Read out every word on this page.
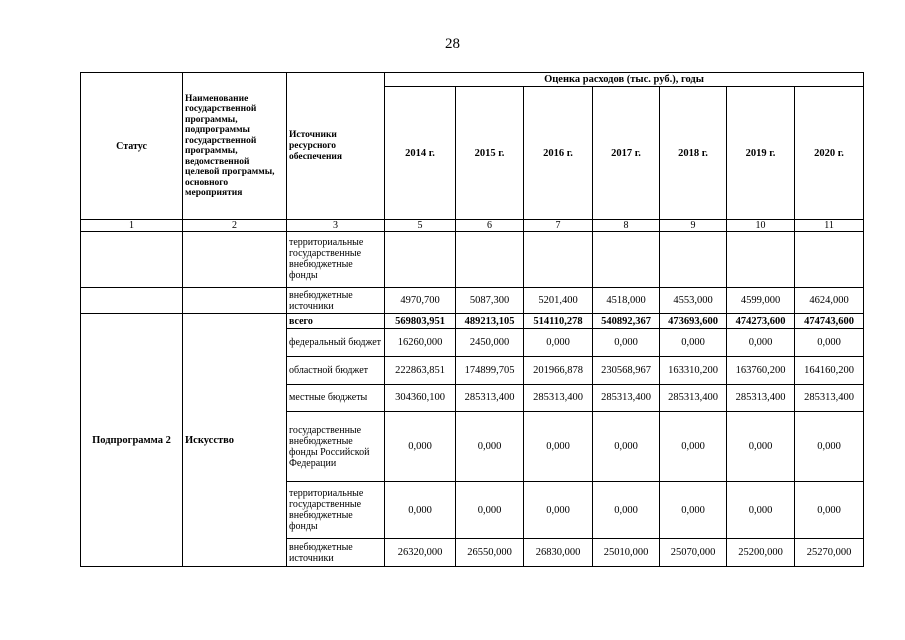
28
Статус	Наименование государственной программы, подпрограммы государственной программы, ведомственной целевой программы, основного мероприятия	Источники ресурсного обеспечения	Оценка расходов (тыс. руб.), годы						
			2014 г.	2015 г.	2016 г.	2017 г.	2018 г.	2019 г.	2020 г.
1	2	3	5	6	7	8	9	10	11
		территориальные государственные внебюджетные фонды							
		внебюджетные источники	4970,700	5087,300	5201,400	4518,000	4553,000	4599,000	4624,000
Подпрограмма 2	Искусство	всего	569803,951	489213,105	514110,278	540892,367	473693,600	474273,600	474743,600
		федеральный бюджет	16260,000	2450,000	0,000	0,000	0,000	0,000	0,000
		областной бюджет	222863,851	174899,705	201966,878	230568,967	163310,200	163760,200	164160,200
		местные бюджеты	304360,100	285313,400	285313,400	285313,400	285313,400	285313,400	285313,400
		государственные внебюджетные фонды Российской Федерации	0,000	0,000	0,000	0,000	0,000	0,000	0,000
		территориальные государственные внебюджетные фонды	0,000	0,000	0,000	0,000	0,000	0,000	0,000
		внебюджетные источники	26320,000	26550,000	26830,000	25010,000	25070,000	25200,000	25270,000
